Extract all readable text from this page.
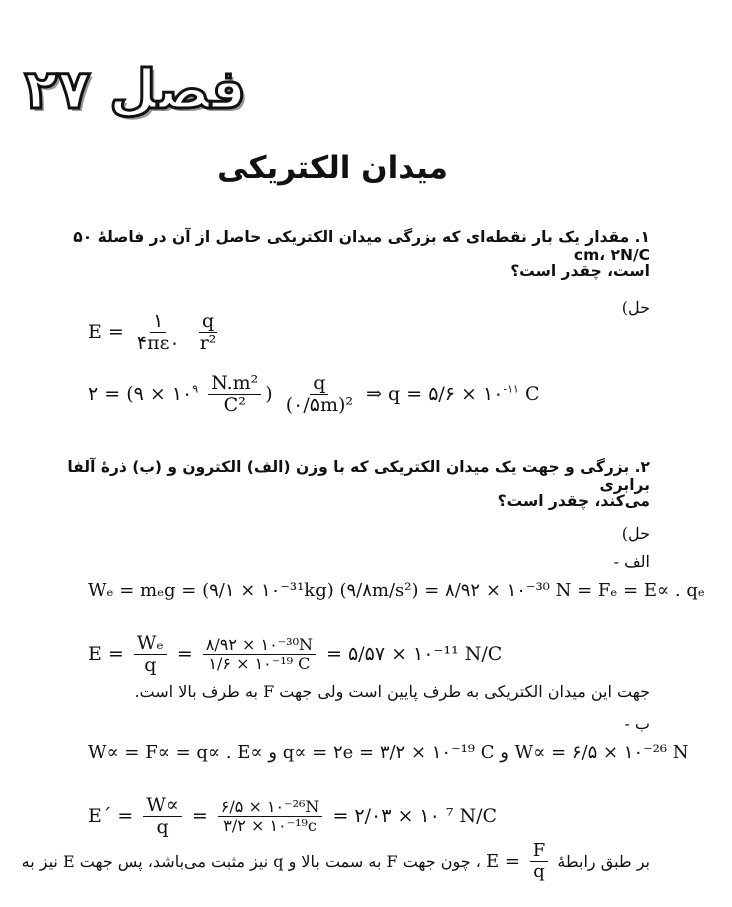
فصل ۲۷
میدان الکتریکی
۱. مقدار یک بار نقطه‌ای که بزرگی میدان الکتریکی حاصل از آن در فاصلهٔ ۵۰ cm، ۲N/C
است، چقدر است؟
حل)
$E = \frac{۱}{۴\pi\varepsilon ۰}$
$\frac{q}{\text{r²}}$
۲ = (۹ × $۱۰^۹ \frac{\text{N.m²}}{\text{C²}}$ ) $\frac{q}{\text{(۰/۵m)²}}$ ⇒ q = ۵/۶ × $۱۰^{-۱۱}$ C
۲. بزرگی و جهت یک میدان الکتریکی که با وزن (الف) الکترون و (ب) ذرهٔ آلفا برابری
می‌کند، چقدر است؟
حل)
الف -
Wₑ = mₑg = (۹/۱ × ۱۰⁻³¹kg) (۹/۸m/s²) = ۸/۹۲ × ۱۰⁻³⁰ N = Fₑ = E∝ . qₑ
$E = \frac{\text{Wₑ}}{q} = \frac{\text{۸/۹۲ × ۱۰⁻³⁰N}}{\text{۱/۶ × ۱۰⁻¹⁹ C}}$ = ۵/۵۷ × ۱۰⁻¹¹ N/C
جهت این میدان الکتریکی به طرف پایین است ولی جهت F به طرف بالا است.
ب -
W∝ = F∝ = q∝ . E∝ و q∝ = ۲e = ۳/۲ × ۱۰⁻¹⁹ C و W∝ = ۶/۵ × ۱۰⁻²⁶ N
E´ = $\frac{W\propto}{q} = \frac{\text{۶/۵ × ۱۰⁻²⁶N}}{\text{۳/۲ × ۱۰⁻¹⁹c}}$ = ۲/۰۳ × ۱۰ ⁷ N/C
بر طبق رابطهٔ $E = \frac{F}{q}$
، چون جهت F به سمت بالا و q نیز مثبت می‌باشد، پس جهت E نیز به
